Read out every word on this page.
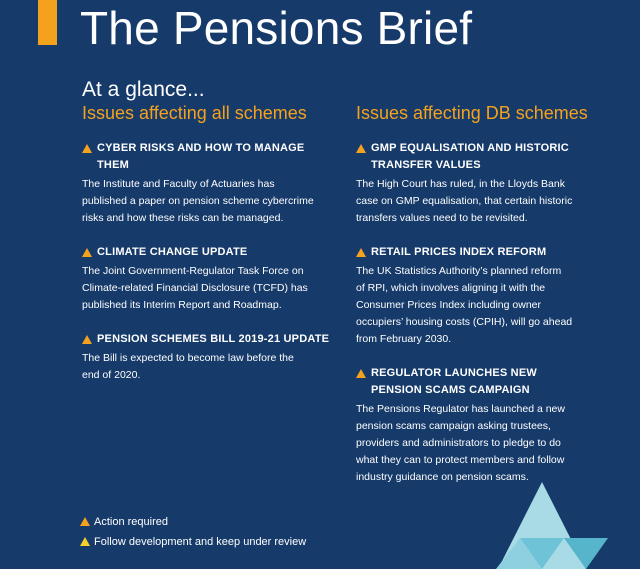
The Pensions Brief
At a glance...
Issues affecting all schemes
CYBER RISKS AND HOW TO MANAGE
THEM
The Institute and Faculty of Actuaries has
published a paper on pension scheme cybercrime
risks and how these risks can be managed.
CLIMATE CHANGE UPDATE
The Joint Government-Regulator Task Force on
Climate-related Financial Disclosure (TCFD) has
published its Interim Report and Roadmap.
PENSION SCHEMES BILL 2019-21 UPDATE
The Bill is expected to become law before the
end of 2020.
Issues affecting DB schemes
GMP EQUALISATION AND HISTORIC
TRANSFER VALUES
The High Court has ruled, in the Lloyds Bank
case on GMP equalisation, that certain historic
transfers values need to be revisited.
RETAIL PRICES INDEX REFORM
The UK Statistics Authority’s planned reform
of RPI, which involves aligning it with the
Consumer Prices Index including owner
occupiers’ housing costs (CPIH), will go ahead
from February 2030.
REGULATOR LAUNCHES NEW
PENSION SCAMS CAMPAIGN
The Pensions Regulator has launched a new
pension scams campaign asking trustees,
providers and administrators to pledge to do
what they can to protect members and follow
industry guidance on pension scams.
Action required
Follow development and keep under review
